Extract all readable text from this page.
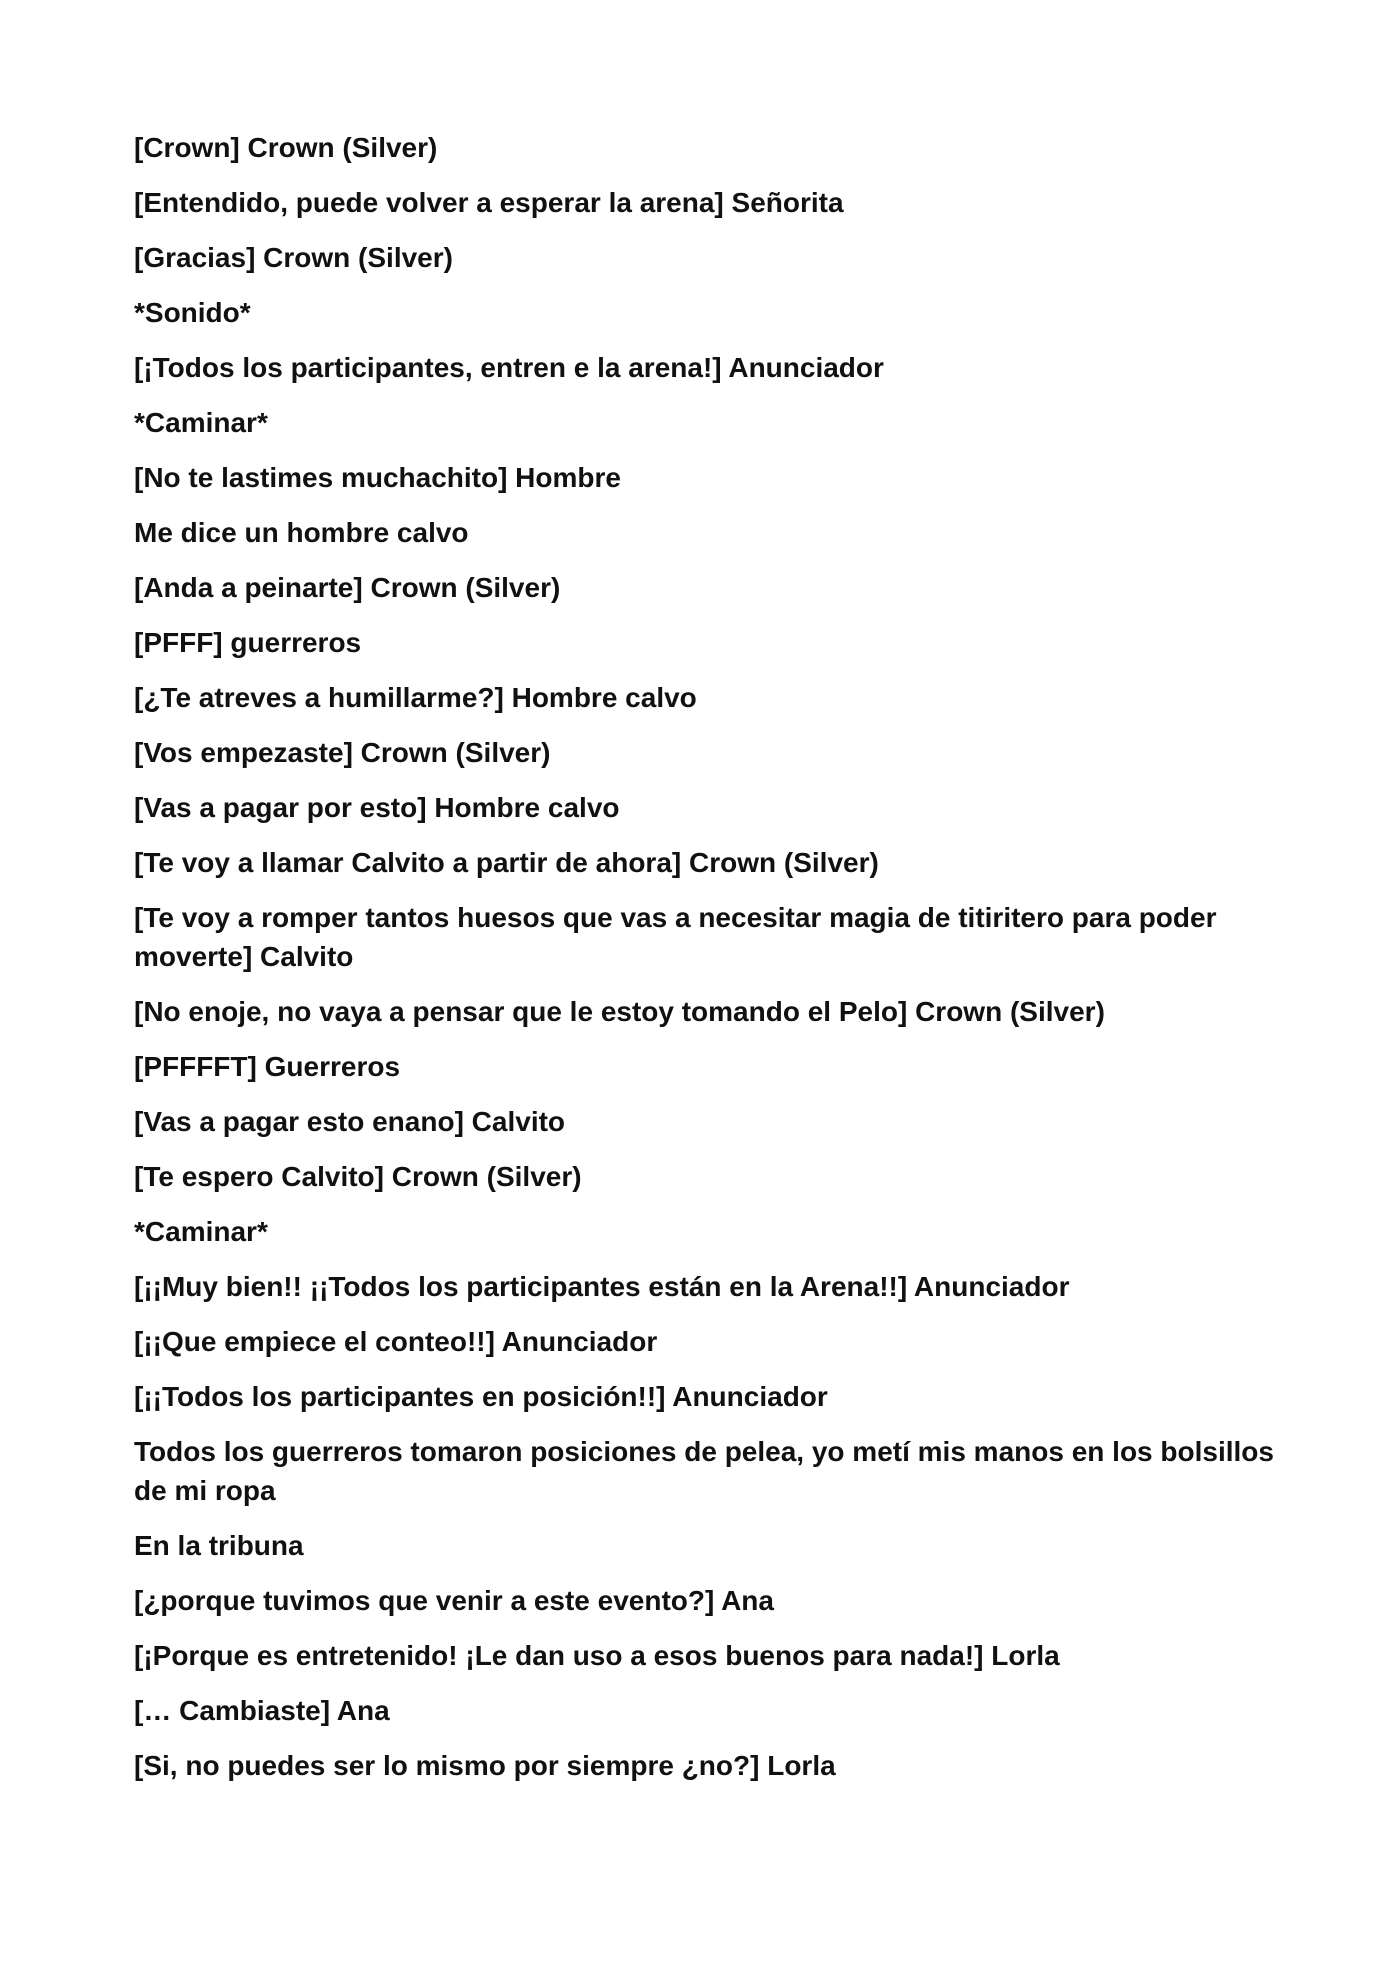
[Crown] Crown (Silver)

[Entendido, puede volver a esperar la arena] Señorita

[Gracias] Crown (Silver)

*Sonido*

[¡Todos los participantes, entren e la arena!] Anunciador

*Caminar*

[No te lastimes muchachito] Hombre

Me dice un hombre calvo

[Anda a peinarte] Crown (Silver)

[PFFF] guerreros

[¿Te atreves a humillarme?] Hombre calvo

[Vos empezaste] Crown (Silver)

[Vas a pagar por esto] Hombre calvo

[Te voy a llamar Calvito a partir de ahora] Crown (Silver)

[Te voy a romper tantos huesos que vas a necesitar magia de titiritero para poder moverte] Calvito

[No enoje, no vaya a pensar que le estoy tomando el Pelo] Crown (Silver)

[PFFFFT] Guerreros

[Vas a pagar esto enano] Calvito

[Te espero Calvito] Crown (Silver)

*Caminar*

[¡¡Muy bien!! ¡¡Todos los participantes están en la Arena!!] Anunciador

[¡¡Que empiece el conteo!!] Anunciador

[¡¡Todos los participantes en posición!!] Anunciador

Todos los guerreros tomaron posiciones de pelea, yo metí mis manos en los bolsillos de mi ropa

En la tribuna

[¿porque tuvimos que venir a este evento?] Ana

[¡Porque es entretenido! ¡Le dan uso a esos buenos para nada!] Lorla

[… Cambiaste] Ana

[Si, no puedes ser lo mismo por siempre ¿no?] Lorla
